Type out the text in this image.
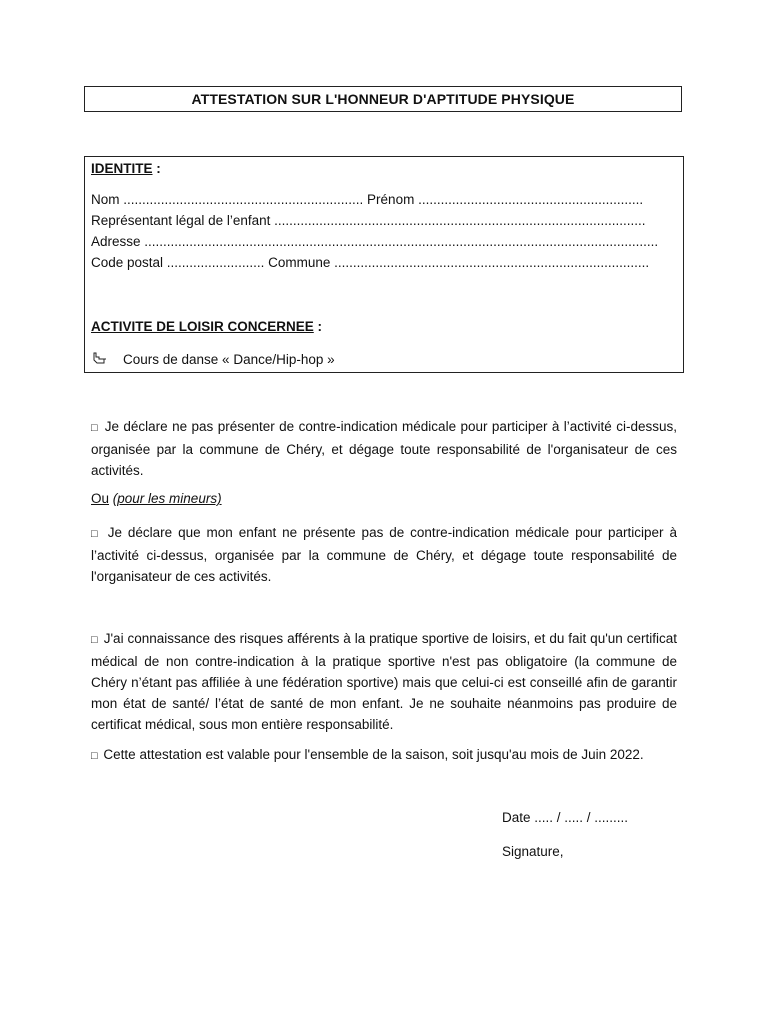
ATTESTATION SUR L'HONNEUR D'APTITUDE PHYSIQUE
IDENTITE :
Nom ................................................................ Prénom ............................................................
Représentant légal de l’enfant ...................................................................................................
Adresse .........................................................................................................................................
Code postal .......................... Commune ....................................................................................
ACTIVITE DE LOISIR CONCERNEE :
Cours de danse « Dance/Hip-hop »
□ Je déclare ne pas présenter de contre-indication médicale pour participer à l’activité ci-dessus, organisée par la commune de Chéry, et dégage toute responsabilité de l'organisateur de ces activités.
Ou (pour les mineurs)
□ Je déclare que mon enfant ne présente pas de contre-indication médicale pour participer à l’activité ci-dessus, organisée par la commune de Chéry, et dégage toute responsabilité de l'organisateur de ces activités.
□ J'ai connaissance des risques afférents à la pratique sportive de loisirs, et du fait qu'un certificat médical de non contre-indication à la pratique sportive n'est pas obligatoire (la commune de Chéry n’étant pas affiliée à une fédération sportive) mais que celui-ci est conseillé afin de garantir mon état de santé/ l’état de santé de mon enfant. Je ne souhaite néanmoins pas produire de certificat médical, sous mon entière responsabilité.
□ Cette attestation est valable pour l'ensemble de la saison, soit jusqu'au mois de Juin 2022.
Date ..... / ..... / .........
Signature,
